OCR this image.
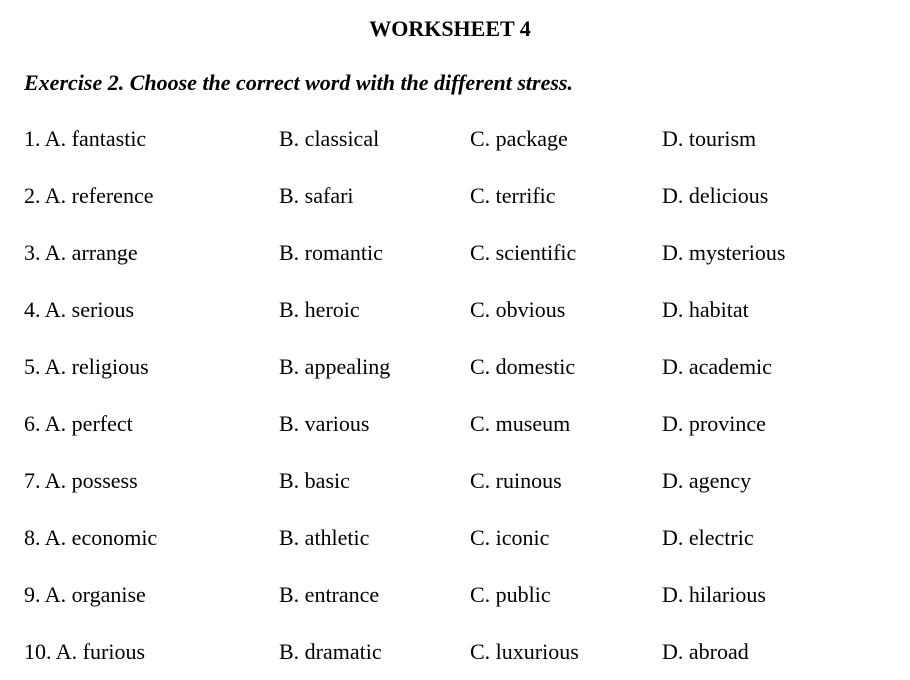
WORKSHEET 4

Exercise 2. Choose the correct word with the different stress.

1. A. fantastic	B. classical	C. package	D. tourism
2. A. reference	B. safari	C. terrific	D. delicious
3. A. arrange	B. romantic	C. scientific	D. mysterious
4. A. serious	B. heroic	C. obvious	D. habitat
5. A. religious	B. appealing	C. domestic	D. academic
6. A. perfect	B. various	C. museum	D. province
7. A. possess	B. basic	C. ruinous	D. agency
8. A. economic	B. athletic	C. iconic	D. electric
9. A. organise	B. entrance	C. public	D. hilarious
10. A. furious	B. dramatic	C. luxurious	D. abroad
